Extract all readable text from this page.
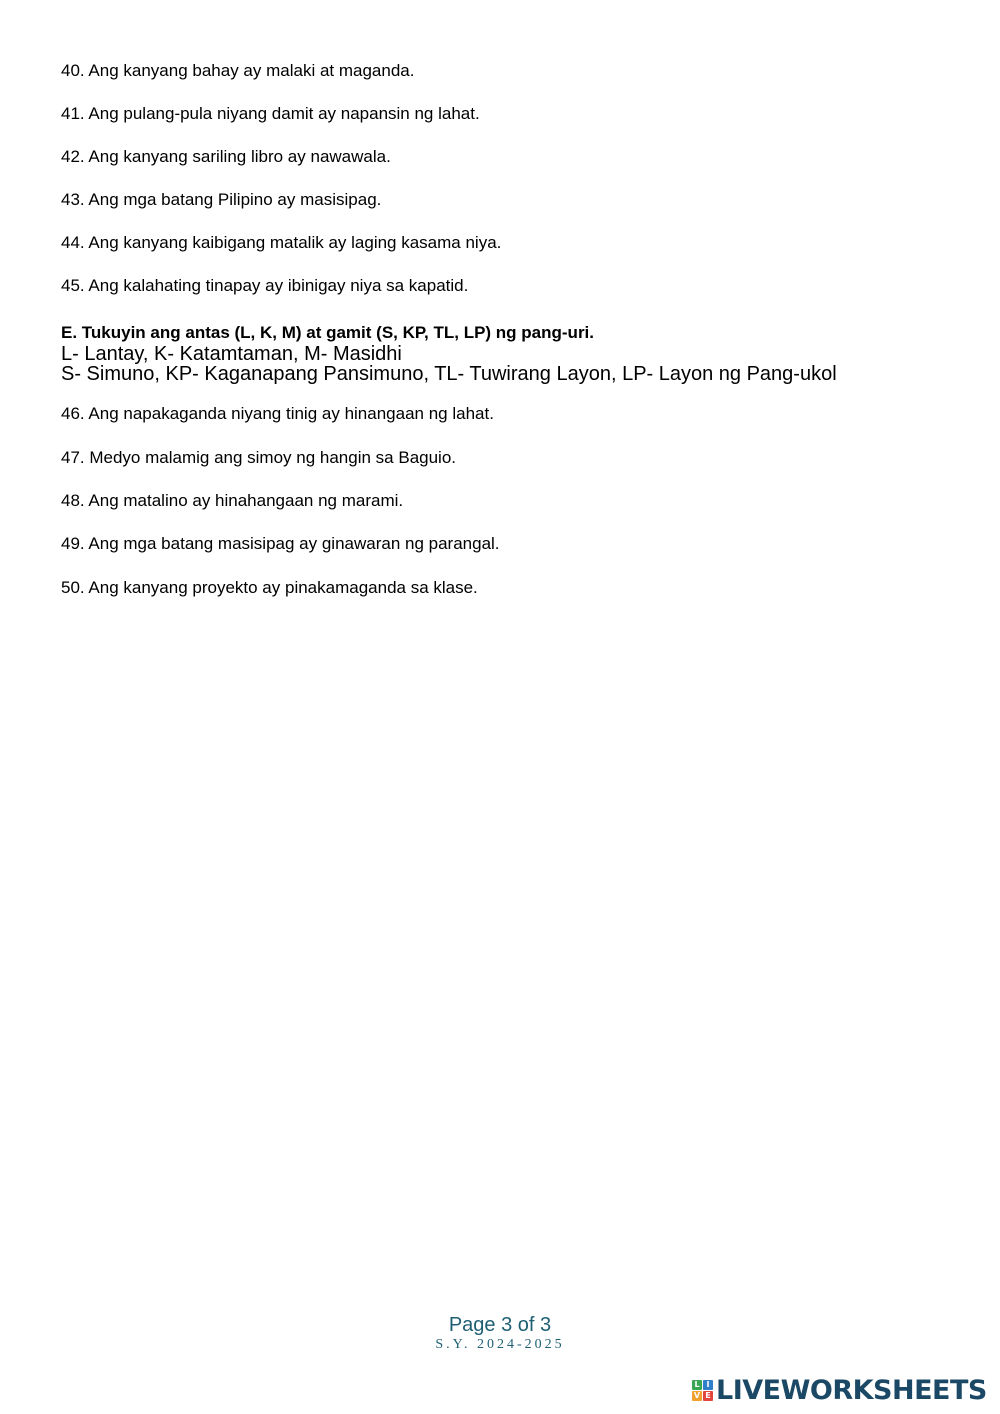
40. Ang kanyang bahay ay malaki at maganda.
41. Ang pulang-pula niyang damit ay napansin ng lahat.
42. Ang kanyang sariling libro ay nawawala.
43. Ang mga batang Pilipino ay masisipag.
44. Ang kanyang kaibigang matalik ay laging kasama niya.
45. Ang kalahating tinapay ay ibinigay niya sa kapatid.
E. Tukuyin ang antas (L, K, M) at gamit (S, KP, TL, LP) ng pang-uri.
L- Lantay, K- Katamtaman, M- Masidhi
S- Simuno, KP- Kaganapang Pansimuno, TL- Tuwirang Layon, LP- Layon ng Pang-ukol
46. Ang napakaganda niyang tinig ay hinangaan ng lahat.
47. Medyo malamig ang simoy ng hangin sa Baguio.
48. Ang matalino ay hinahangaan ng marami.
49. Ang mga batang masisipag ay ginawaran ng parangal.
50. Ang kanyang proyekto ay pinakamaganda sa klase.
Page 3 of 3
S.Y. 2024-2025
L I
V E LIVEWORKSHEETS
